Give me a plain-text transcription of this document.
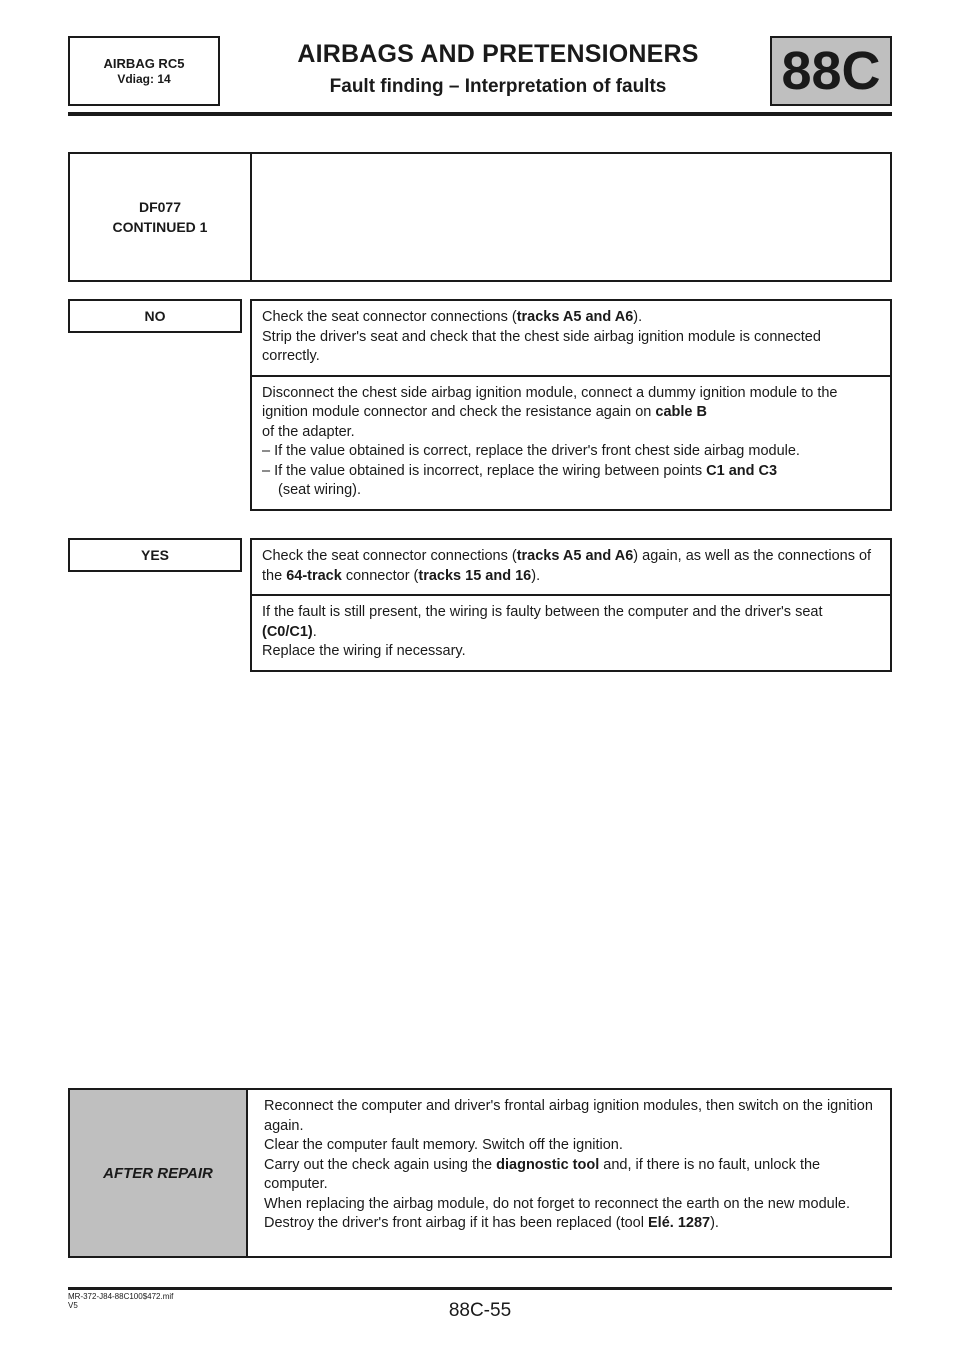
AIRBAG RC5
Vdiag: 14
AIRBAGS AND PRETENSIONERS
Fault finding – Interpretation of faults	88C
DF077
CONTINUED 1
NO	Check the seat connector connections (tracks A5 and A6).

Strip the driver's seat and check that the chest side airbag ignition module is connected correctly.

Disconnect the chest side airbag ignition module, connect a dummy ignition module to the ignition module connector and check the resistance again on cable B

of the adapter.

– If the value obtained is correct, replace the driver's front chest side airbag module.

– If the value obtained is incorrect, replace the wiring between points C1 and C3

(seat wiring).

YES	Check the seat connector connections (tracks A5 and A6) again, as well as the connections of the 64-track connector (tracks 15 and 16).

If the fault is still present, the wiring is faulty between the computer and the driver's seat (C0/C1).

Replace the wiring if necessary.

AFTER REPAIR

Reconnect the computer and driver's frontal airbag ignition modules, then switch on the ignition again.

Clear the computer fault memory. Switch off the ignition.

Carry out the check again using the diagnostic tool and, if there is no fault, unlock the computer.

When replacing the airbag module, do not forget to reconnect the earth on the new module.

Destroy the driver's front airbag if it has been replaced (tool Elé. 1287).

MR-372-J84-88C100$472.mif
V5	88C-55
